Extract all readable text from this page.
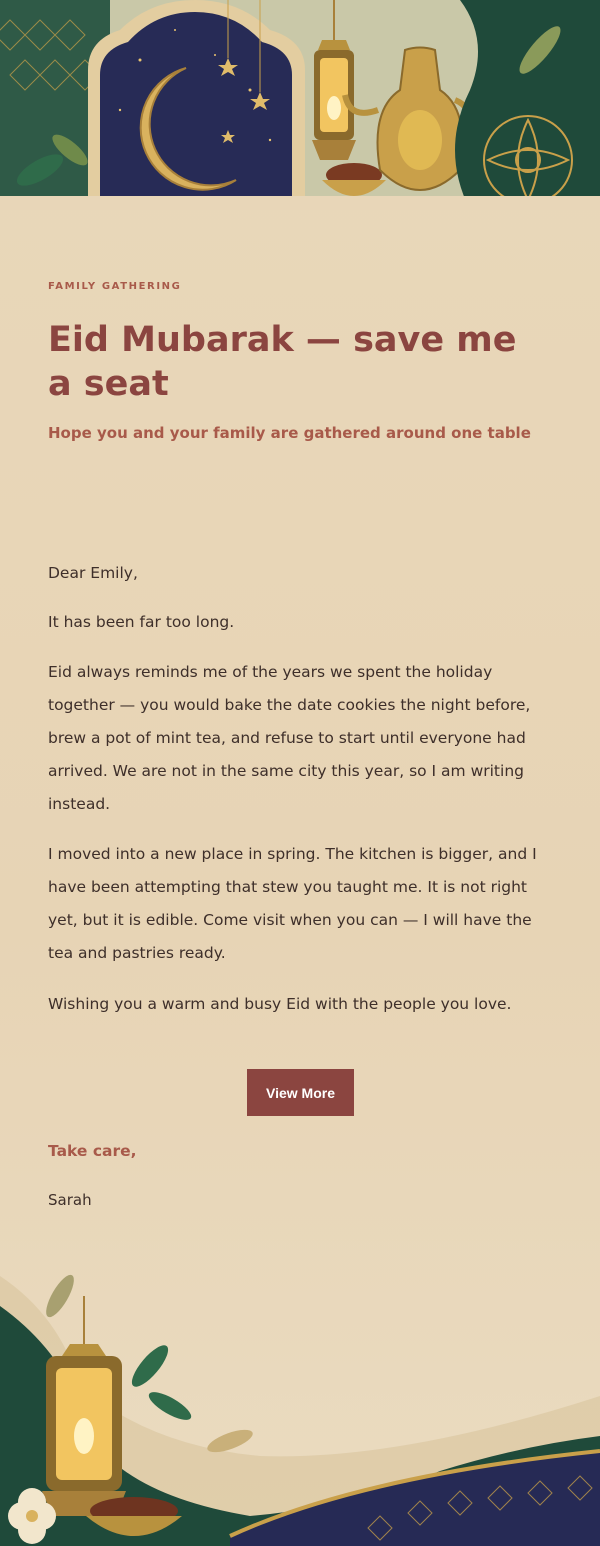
FAMILY GATHERING
Eid Mubarak — save me a seat
Hope you and your family are gathered around one table

Dear Emily,

It has been far too long.

Eid always reminds me of the years we spent the holiday together — you would bake the date cookies the night before, brew a pot of mint tea, and refuse to start until everyone had arrived. We are not in the same city this year, so I am writing instead.

I moved into a new place in spring. The kitchen is bigger, and I have been attempting that stew you taught me. It is not right yet, but it is edible. Come visit when you can — I will have the tea and pastries ready.

Wishing you a warm and busy Eid with the people you love.

View More
Take care,
Sarah
